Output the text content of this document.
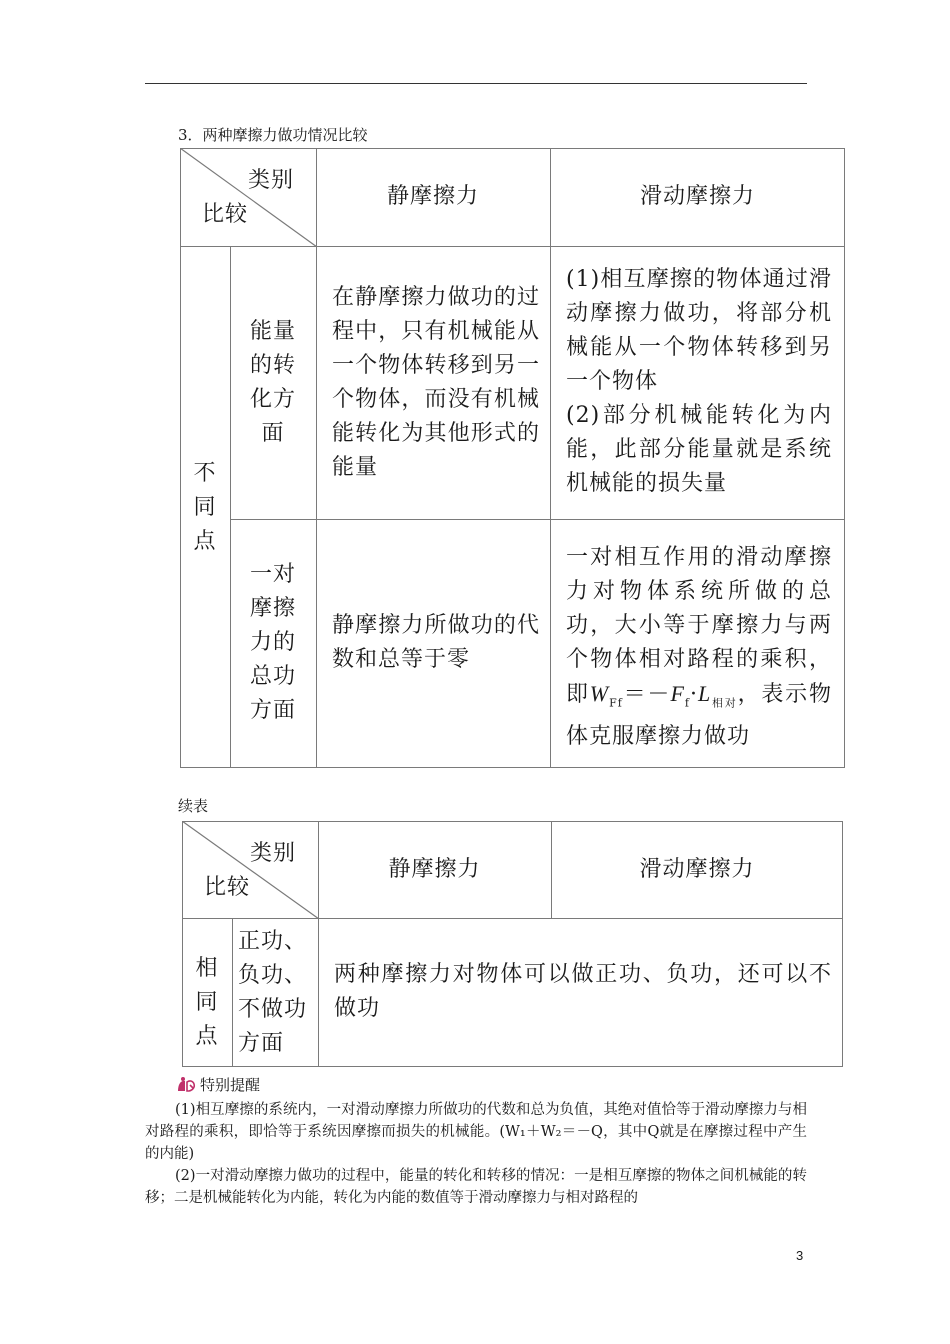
3．两种摩擦力做功情况比较
类别
比较
静摩擦力	滑动摩擦力
不同点
能量的转化方面
在静摩擦力做功的过程中，只有机械能从一个物体转移到另一个物体，而没有机械能转化为其他形式的能量
(1)相互摩擦的物体通过滑动摩擦力做功，将部分机械能从一个物体转移到另一个物体
(2)部分机械能转化为内能，此部分能量就是系统机械能的损失量
一对摩擦力的总功方面
静摩擦力所做功的代数和总等于零
一对相互作用的滑动摩擦力对物体系统所做的总功，大小等于摩擦力与两个物体相对路程的乘积，即$W_{Ff}=-F_f\cdot L_{相对}$，表示物体克服摩擦力做功
续表
类别
比较
静摩擦力	滑动摩擦力
相同点
正功、负功、不做功方面
两种摩擦力对物体可以做正功、负功，还可以不做功
特别提醒
(1)相互摩擦的系统内，一对滑动摩擦力所做功的代数和总为负值，其绝对值恰等于滑动摩擦力与相对路程的乘积，即恰等于系统因摩擦而损失的机械能。(W₁＋W₂＝－Q，其中Q就是在摩擦过程中产生的内能)
(2)一对滑动摩擦力做功的过程中，能量的转化和转移的情况：一是相互摩擦的物体之间机械能的转移；二是机械能转化为内能，转化为内能的数值等于滑动摩擦力与相对路程的
3
